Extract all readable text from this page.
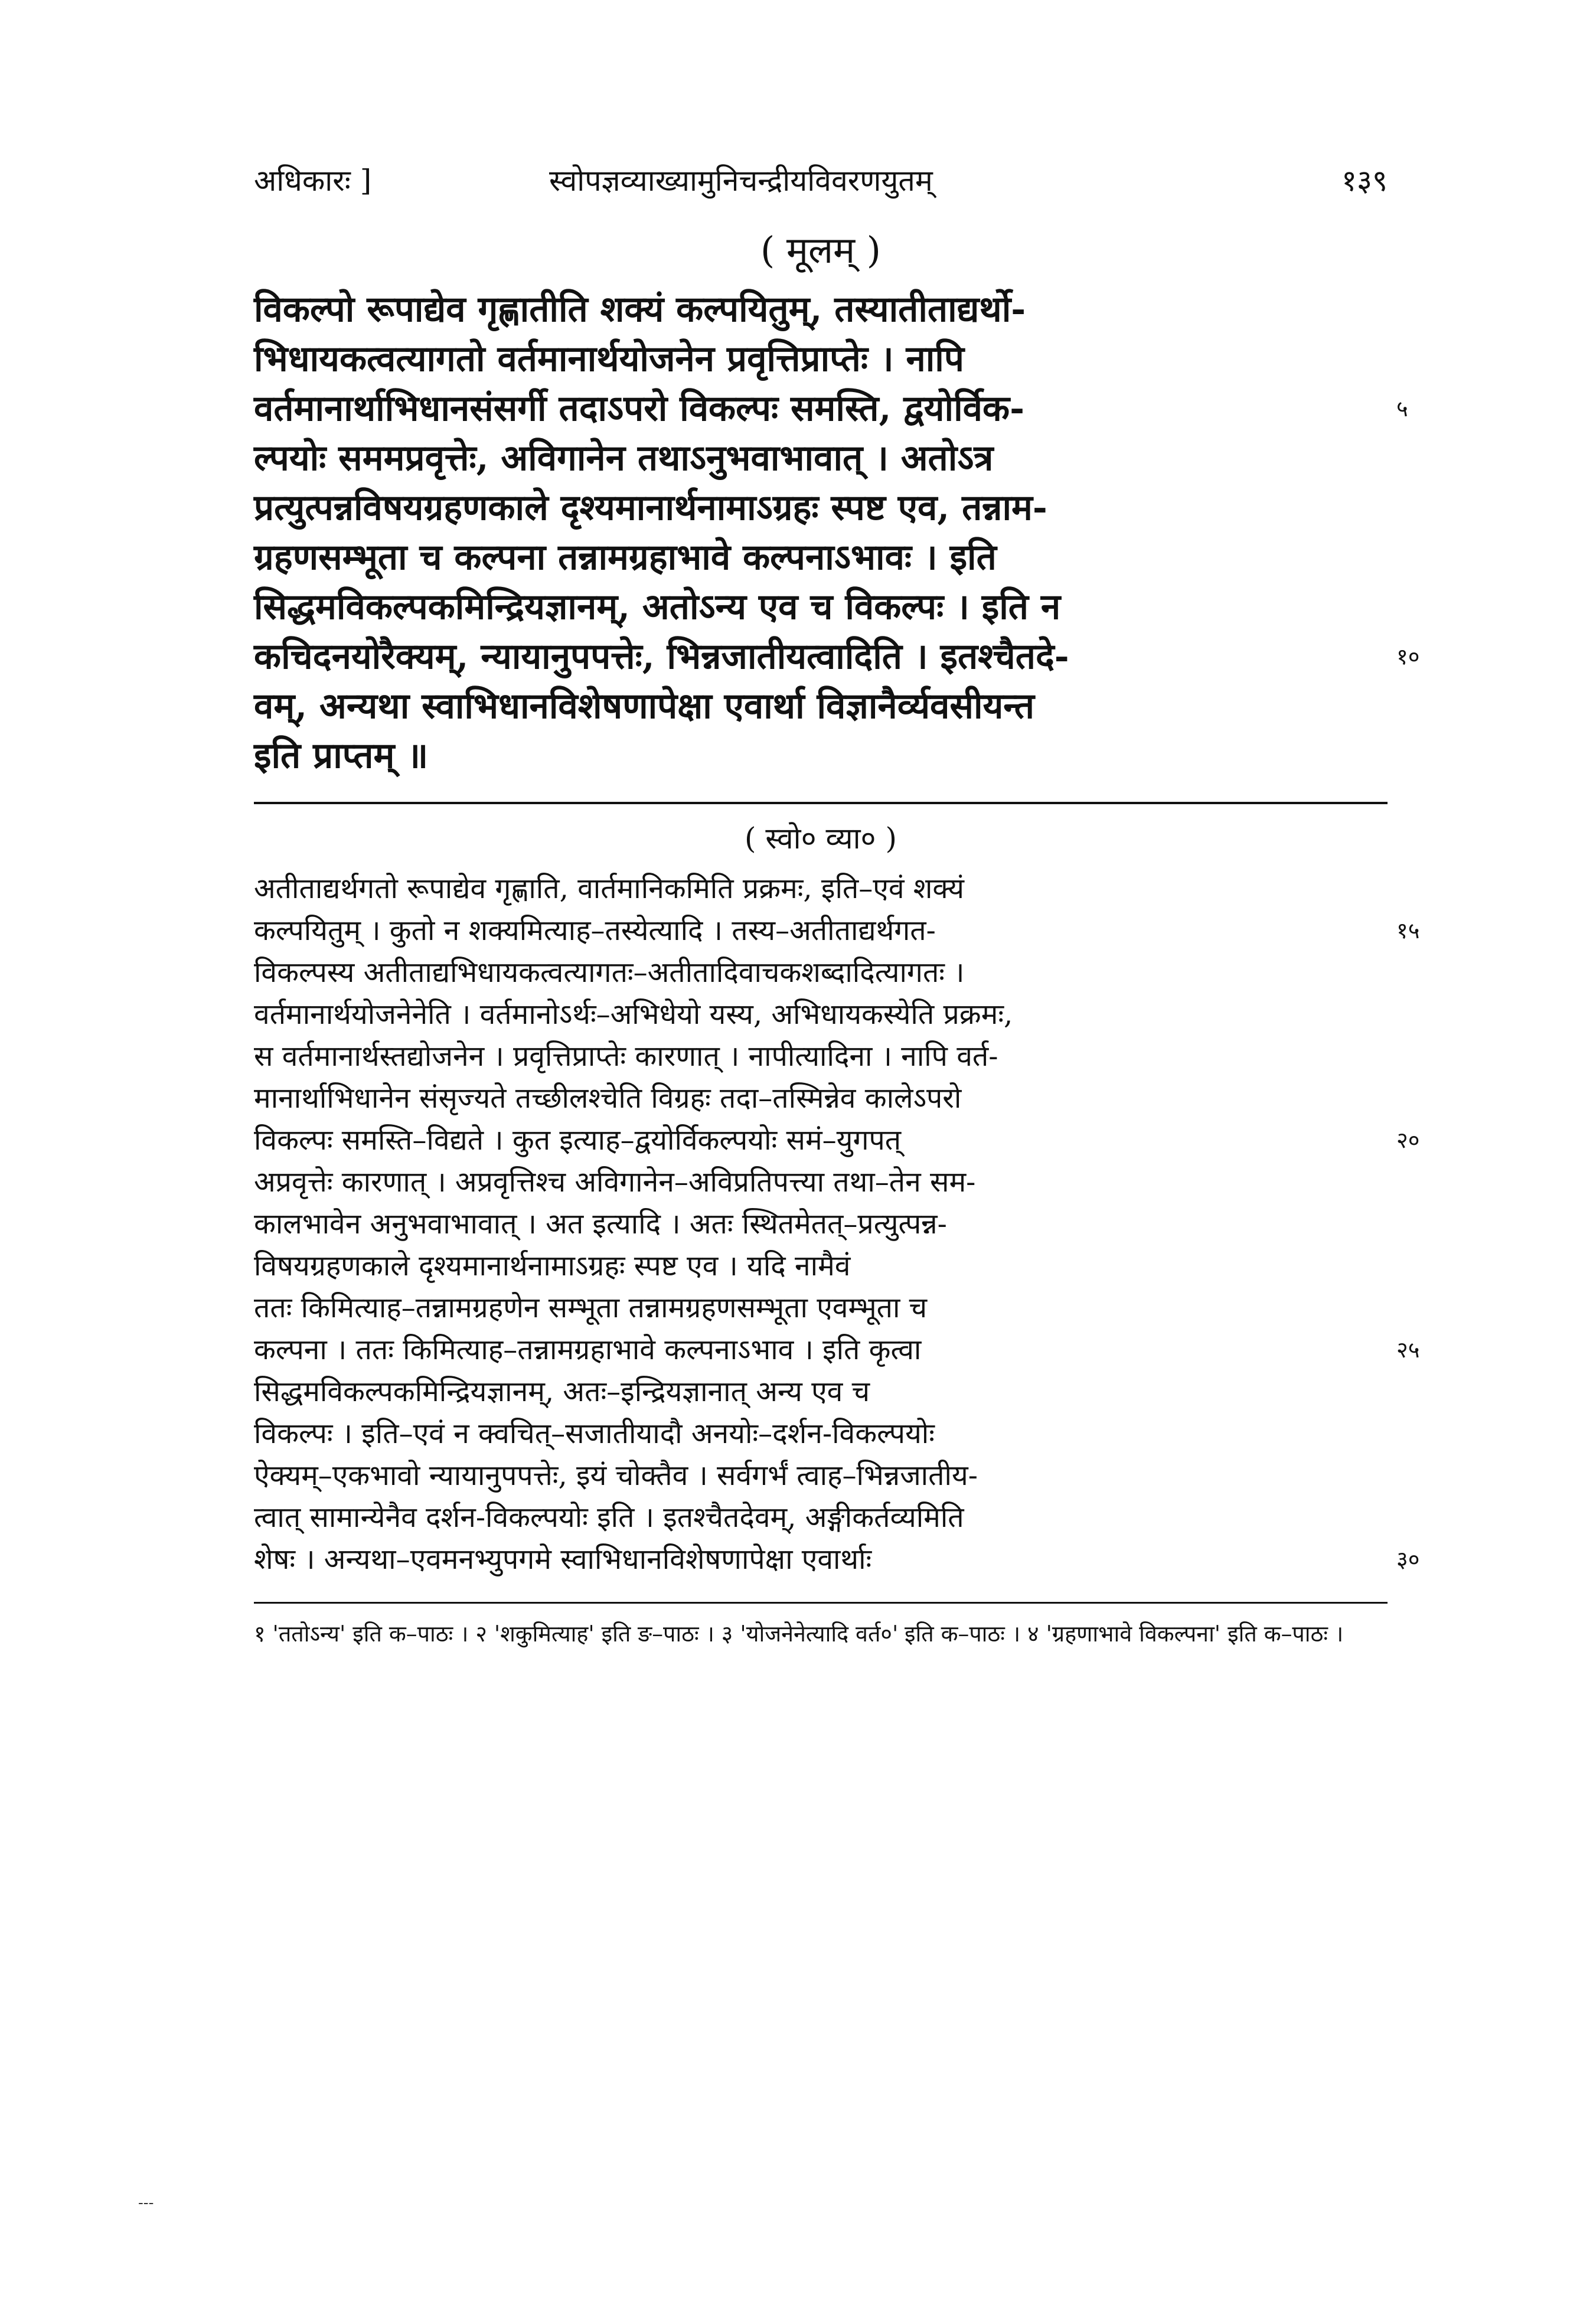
अधिकारः ]	स्वोपज्ञव्याख्यामुनिचन्द्रीयविवरणयुतम्	१३९
( मूलम् )
विकल्पो रूपाद्येव गृह्णातीति शक्यं कल्पयितुम्, तस्यातीताद्यर्थो-
भिधायकत्वत्यागतो वर्तमानार्थयोजनेन प्रवृत्तिप्राप्तेः । नापि
वर्तमानार्थाभिधानसंसर्गी तदाऽपरो विकल्पः समस्ति, द्वयोर्विक-	५
ल्पयोः सममप्रवृत्तेः, अविगानेन तथाऽनुभवाभावात् । अतोऽत्र
प्रत्युत्पन्नविषयग्रहणकाले दृश्यमानार्थनामाऽग्रहः स्पष्ट एव, तन्नाम-
ग्रहणसम्भूता च कल्पना तन्नामग्रहाभावे कल्पनाऽभावः । इति
सिद्धमविकल्पकमिन्द्रियज्ञानम्, अतोऽन्य एव च विकल्पः । इति न
कचिदनयोरैक्यम्, न्यायानुपपत्तेः, भिन्नजातीयत्वादिति । इतश्चैतदे-	१०
वम्, अन्यथा स्वाभिधानविशेषणापेक्षा एवार्था विज्ञानैर्व्यवसीयन्त
इति प्राप्तम् ॥
( स्वो० व्या० )
अतीताद्यर्थगतो रूपाद्येव गृह्णाति, वार्तमानिकमिति प्रक्रमः, इति–एवं शक्यं
कल्पयितुम् । कुतो न शक्यमित्याह–तस्येत्यादि । तस्य–अतीताद्यर्थगत-	१५
विकल्पस्य अतीताद्यभिधायकत्वत्यागतः–अतीतादिवाचकशब्दादित्यागतः ।
वर्तमानार्थयोजनेनेति । वर्तमानोऽर्थः–अभिधेयो यस्य, अभिधायकस्येति प्रक्रमः,
स वर्तमानार्थस्तद्योजनेन । प्रवृत्तिप्राप्तेः कारणात् । नापीत्यादिना । नापि वर्त-
मानार्थाभिधानेन संसृज्यते तच्छीलश्चेति विग्रहः तदा–तस्मिन्नेव कालेऽपरो
विकल्पः समस्ति–विद्यते । कुत इत्याह–द्वयोर्विकल्पयोः समं–युगपत्	२०
अप्रवृत्तेः कारणात् । अप्रवृत्तिश्च अविगानेन–अविप्रतिपत्त्या तथा–तेन सम-
कालभावेन अनुभवाभावात् । अत इत्यादि । अतः स्थितमेतत्–प्रत्युत्पन्न-
विषयग्रहणकाले दृश्यमानार्थनामाऽग्रहः स्पष्ट एव । यदि नामैवं
ततः किमित्याह–तन्नामग्रहणेन सम्भूता तन्नामग्रहणसम्भूता एवम्भूता च
कल्पना । ततः किमित्याह–तन्नामग्रहाभावे कल्पनाऽभाव । इति कृत्वा	२५
सिद्धमविकल्पकमिन्द्रियज्ञानम्, अतः–इन्द्रियज्ञानात् अन्य एव च
विकल्पः । इति–एवं न क्वचित्–सजातीयादौ अनयोः–दर्शन-विकल्पयोः
ऐक्यम्–एकभावो न्यायानुपपत्तेः, इयं चोक्तैव । सर्वगर्भं त्वाह–भिन्नजातीय-
त्वात् सामान्येनैव दर्शन-विकल्पयोः इति । इतश्चैतदेवम्, अङ्गीकर्तव्यमिति
शेषः । अन्यथा–एवमनभ्युपगमे स्वाभिधानविशेषणापेक्षा एवार्थाः	३०
१ 'ततोऽन्य' इति क–पाठः । २ 'शकुमित्याह' इति ङ–पाठः । ३ 'योजनेनेत्यादि वर्त०' इति क–पाठः । ४ 'ग्रहणाभावे विकल्पना' इति क–पाठः ।
---
